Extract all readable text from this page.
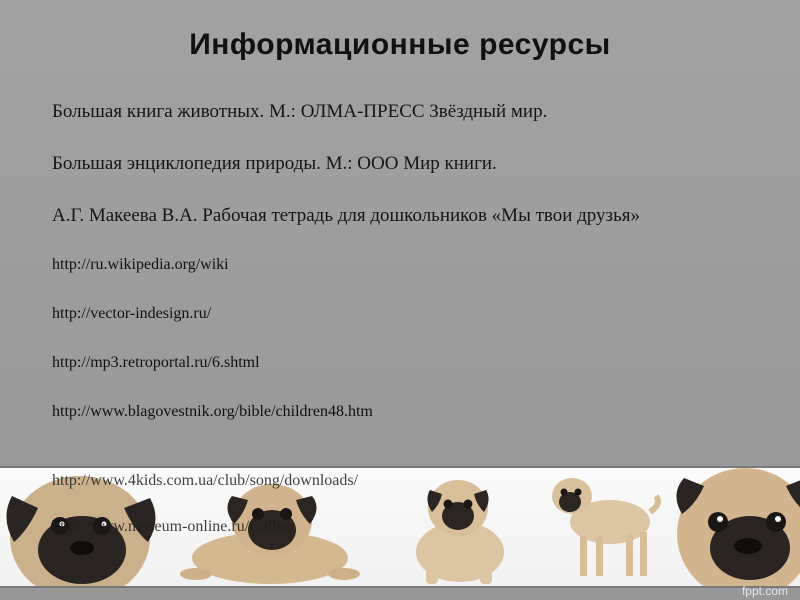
Информационные ресурсы
Большая книга животных. М.: ОЛМА-ПРЕСС Звёздный мир.
Большая энциклопедия природы. М.: ООО Мир книги.
А.Г. Макеева В.А. Рабочая тетрадь для дошкольников «Мы твои друзья»
http://ru.wikipedia.org/wiki
http://vector-indesign.ru/
http://mp3.retroportal.ru/6.shtml
http://www.blagovestnik.org/bible/children48.htm
http://www.4kids.com.ua/club/song/downloads/
http://www.museum-online.ru/Galler
fppt.com
